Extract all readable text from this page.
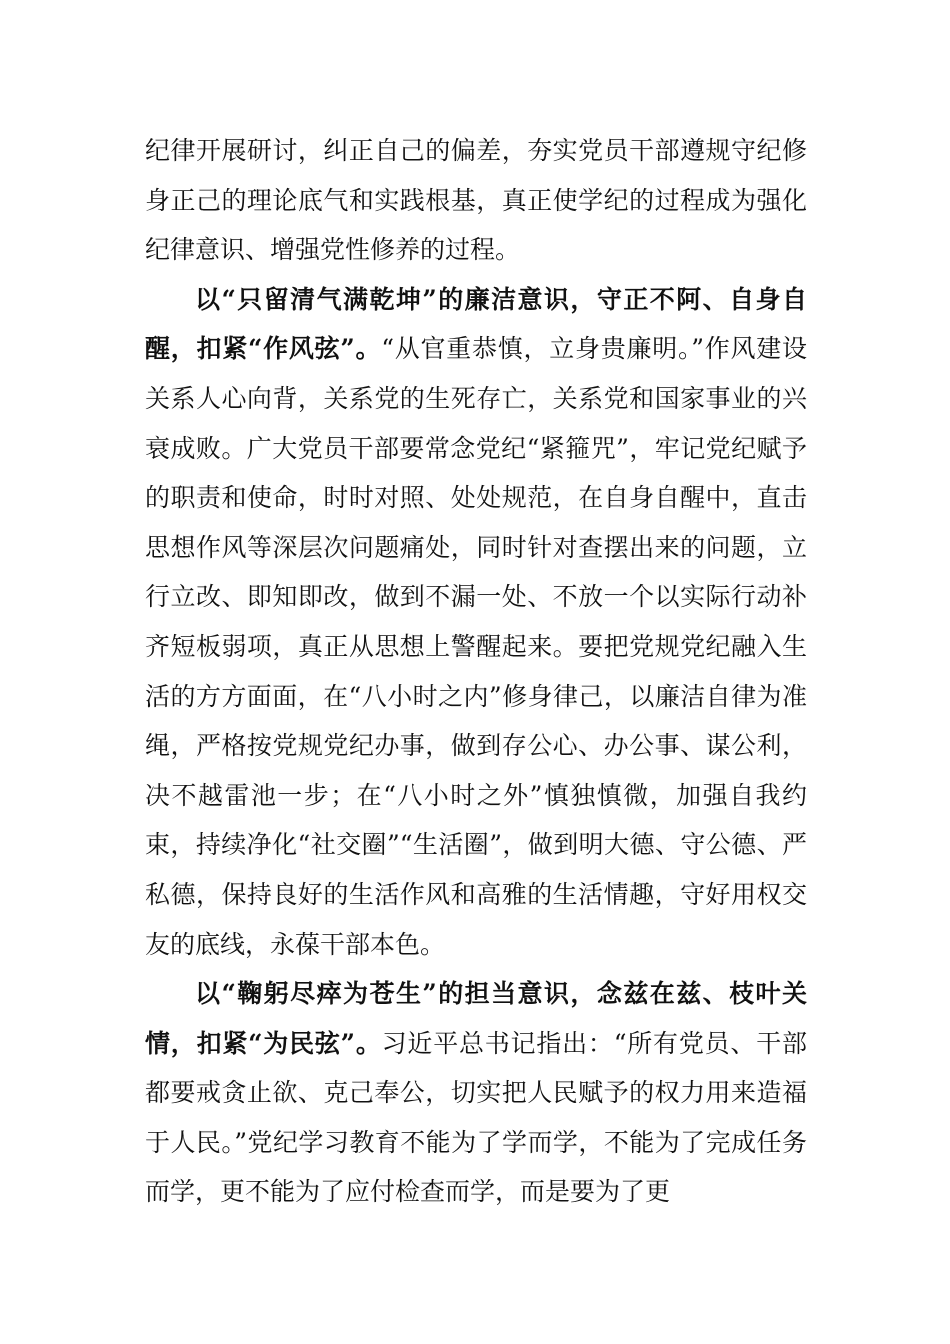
纪律开展研讨，纠正自己的偏差，夯实党员干部遵规守纪修身正己的理论底气和实践根基，真正使学纪的过程成为强化纪律意识、增强党性修养的过程。

以“只留清气满乾坤”的廉洁意识，守正不阿、自身自醒，扣紧“作风弦”。“从官重恭慎，立身贵廉明。”作风建设关系人心向背，关系党的生死存亡，关系党和国家事业的兴衰成败。广大党员干部要常念党纪“紧箍咒”，牢记党纪赋予的职责和使命，时时对照、处处规范，在自身自醒中，直击思想作风等深层次问题痛处，同时针对查摆出来的问题，立行立改、即知即改，做到不漏一处、不放一个以实际行动补齐短板弱项，真正从思想上警醒起来。要把党规党纪融入生活的方方面面，在“八小时之内”修身律己，以廉洁自律为准绳，严格按党规党纪办事，做到存公心、办公事、谋公利，决不越雷池一步；在“八小时之外”慎独慎微，加强自我约束，持续净化“社交圈”“生活圈”，做到明大德、守公德、严私德，保持良好的生活作风和高雅的生活情趣，守好用权交友的底线，永葆干部本色。

以“鞠躬尽瘁为苍生”的担当意识，念兹在兹、枝叶关情，扣紧“为民弦”。习近平总书记指出：“所有党员、干部都要戒贪止欲、克己奉公，切实把人民赋予的权力用来造福于人民。”党纪学习教育不能为了学而学，不能为了完成任务而学，更不能为了应付检查而学，而是要为了更
